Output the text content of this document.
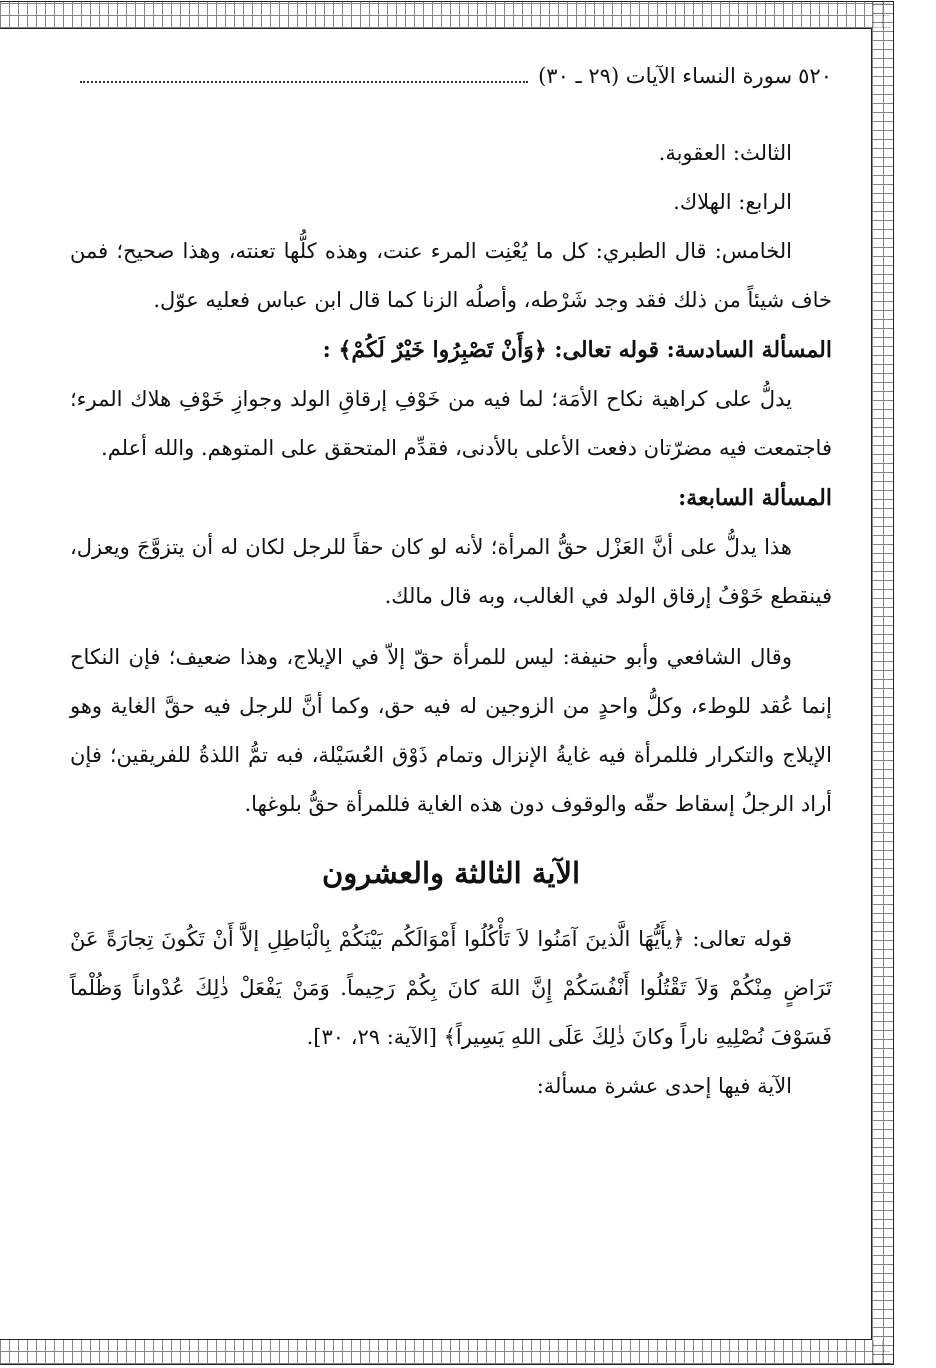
٥٢٠
سورة النساء الآيات (٢٩ ـ ٣٠)

الثالث: العقوبة.

الرابع: الهلاك.

الخامس: قال الطبري: كل ما يُعْنِت المرء عنت، وهذه كلُّها تعنته، وهذا صحيح؛ فمن خاف شيئاً من ذلك فقد وجد شَرْطه، وأصلُه الزنا كما قال ابن عباس فعليه عوّل.

المسألة السادسة: قوله تعالى: ﴿وَأَنْ تَصْبِرُوا خَيْرٌ لَكُمْ﴾ :

يدلُّ على كراهية نكاح الأمَة؛ لما فيه من خَوْفِ إرقاقِ الولد وجوازِ خَوْفِ هلاك المرء؛ فاجتمعت فيه مضرّتان دفعت الأعلى بالأدنى، فقدِّم المتحقق على المتوهم. والله أعلم.

المسألة السابعة:

هذا يدلُّ على أنَّ العَزْل حقُّ المرأة؛ لأنه لو كان حقاً للرجل لكان له أن يتزوَّجَ ويعزل، فينقطع خَوْفُ إرقاق الولد في الغالب، وبه قال مالك.

وقال الشافعي وأبو حنيفة: ليس للمرأة حقّ إلاّ في الإيلاج، وهذا ضعيف؛ فإن النكاح إنما عُقد للوطء، وكلُّ واحدٍ من الزوجين له فيه حق، وكما أنَّ للرجل فيه حقَّ الغاية وهو الإيلاج والتكرار فللمرأة فيه غايةُ الإنزال وتمام ذَوْق العُسَيْلة، فبه تمُّ اللذةُ للفريقين؛ فإن أراد الرجلُ إسقاط حقّه والوقوف دون هذه الغاية فللمرأة حقُّ بلوغها.

الآية الثالثة والعشرون

قوله تعالى: ﴿يأَيُّهَا الَّذينَ آمَنُوا لاَ تَأْكُلُوا أَمْوَالَكُم بَيْنَكُمْ بِالْبَاطِلِ إلاَّ أَنْ تَكُونَ تِجارَةً عَنْ تَرَاضٍ مِنْكُمْ وَلاَ تَقْتُلُوا أَنْفُسَكُمْ إِنَّ اللهَ كانَ بِكُمْ رَحِيماً. وَمَنْ يَفْعَلْ ذٰلِكَ عُدْواناً وَظُلْماً فَسَوْفَ نُصْلِيهِ ناراً وكانَ ذٰلِكَ عَلَى اللهِ يَسِيراً﴾ [الآية: ٢٩، ٣٠].

الآية فيها إحدى عشرة مسألة:
